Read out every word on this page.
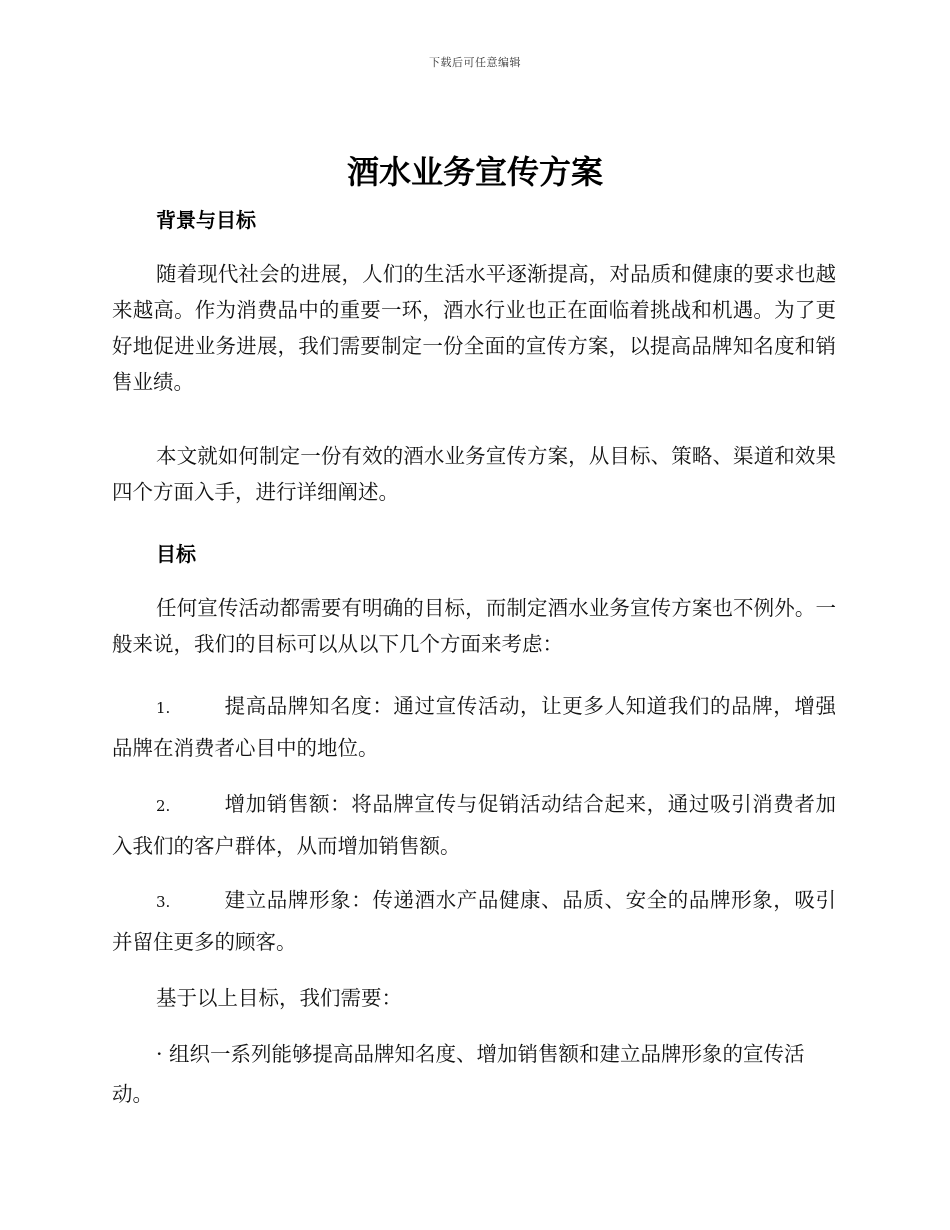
下载后可任意编辑
酒水业务宣传方案
背景与目标

随着现代社会的进展，人们的生活水平逐渐提高，对品质和健康的要求也越来越高。作为消费品中的重要一环，酒水行业也正在面临着挑战和机遇。为了更好地促进业务进展，我们需要制定一份全面的宣传方案，以提高品牌知名度和销售业绩。

本文就如何制定一份有效的酒水业务宣传方案，从目标、策略、渠道和效果四个方面入手，进行详细阐述。

目标

任何宣传活动都需要有明确的目标，而制定酒水业务宣传方案也不例外。一般来说，我们的目标可以从以下几个方面来考虑：

1.	提高品牌知名度：通过宣传活动，让更多人知道我们的品牌，增强品牌在消费者心目中的地位。
2.	增加销售额：将品牌宣传与促销活动结合起来，通过吸引消费者加入我们的客户群体，从而增加销售额。
3.	建立品牌形象：传递酒水产品健康、品质、安全的品牌形象，吸引并留住更多的顾客。

基于以上目标，我们需要：

· 组织一系列能够提高品牌知名度、增加销售额和建立品牌形象的宣传活动。
